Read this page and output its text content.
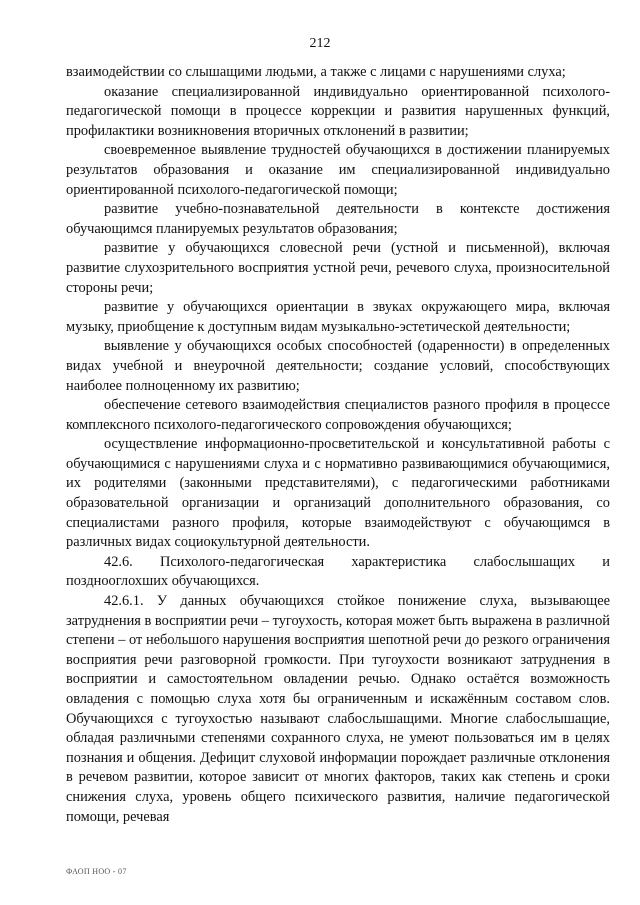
212

взаимодействии со слышащими людьми, а также с лицами с нарушениями слуха;

оказание специализированной индивидуально ориентированной психолого-педагогической помощи в процессе коррекции и развития нарушенных функций, профилактики возникновения вторичных отклонений в развитии;

своевременное выявление трудностей обучающихся в достижении планируемых результатов образования и оказание им специализированной индивидуально ориентированной психолого-педагогической помощи;

развитие учебно-познавательной деятельности в контексте достижения обучающимся планируемых результатов образования;

развитие у обучающихся словесной речи (устной и письменной), включая развитие слухозрительного восприятия устной речи, речевого слуха, произносительной стороны речи;

развитие у обучающихся ориентации в звуках окружающего мира, включая музыку, приобщение к доступным видам музыкально-эстетической деятельности;

выявление у обучающихся особых способностей (одаренности) в определенных видах учебной и внеурочной деятельности; создание условий, способствующих наиболее полноценному их развитию;

обеспечение сетевого взаимодействия специалистов разного профиля в процессе комплексного психолого-педагогического сопровождения обучающихся;

осуществление информационно-просветительской и консультативной работы с обучающимися с нарушениями слуха и с нормативно развивающимися обучающимися, их родителями (законными представителями), с педагогическими работниками образовательной организации и организаций дополнительного образования, со специалистами разного профиля, которые взаимодействуют с обучающимся в различных видах социокультурной деятельности.

42.6. Психолого-педагогическая характеристика слабослышащих и позднооглохших обучающихся.

42.6.1. У данных обучающихся стойкое понижение слуха, вызывающее затруднения в восприятии речи – тугоухость, которая может быть выражена в различной степени – от небольшого нарушения восприятия шепотной речи до резкого ограничения восприятия речи разговорной громкости. При тугоухости возникают затруднения в восприятии и самостоятельном овладении речью. Однако остаётся возможность овладения с помощью слуха хотя бы ограниченным и искажённым составом слов. Обучающихся с тугоухостью называют слабослышащими. Многие слабослышащие, обладая различными степенями сохранного слуха, не умеют пользоваться им в целях познания и общения. Дефицит слуховой информации порождает различные отклонения в речевом развитии, которое зависит от многих факторов, таких как степень и сроки снижения слуха, уровень общего психического развития, наличие педагогической помощи, речевая

ФАОП НОО - 07
